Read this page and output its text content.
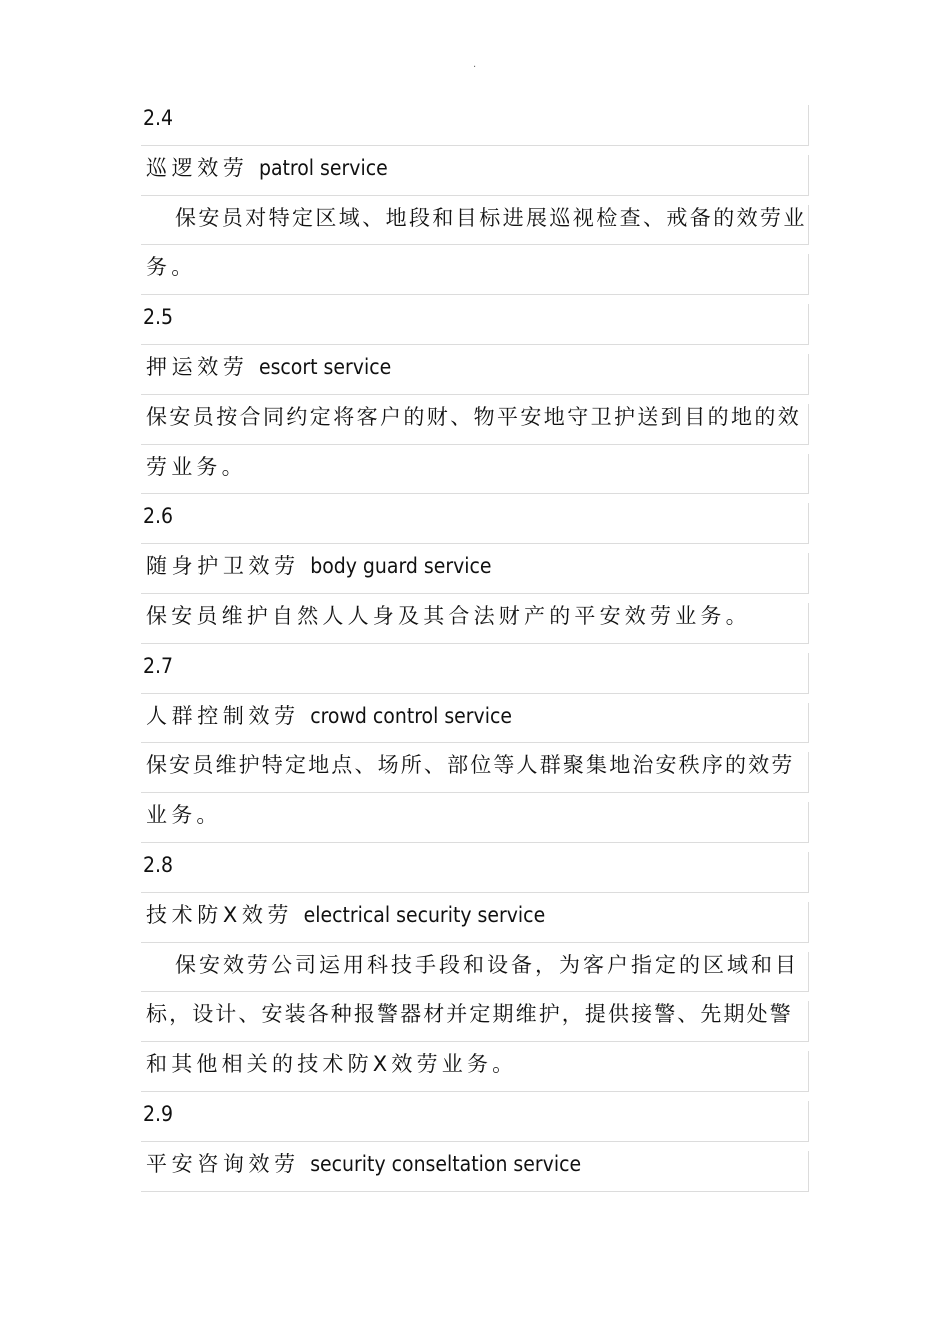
.
2.4
巡逻效劳 patrol service
保安员对特定区域、地段和目标进展巡视检查、戒备的效劳业
务。
2.5
押运效劳 escort service
保安员按合同约定将客户的财、物平安地守卫护送到目的地的效
劳业务。
2.6
随身护卫效劳 body guard service
保安员维护自然人人身及其合法财产的平安效劳业务。
2.7
人群控制效劳 crowd control service
保安员维护特定地点、场所、部位等人群聚集地治安秩序的效劳
业务。
2.8
技术防X效劳 electrical security service
保安效劳公司运用科技手段和设备，为客户指定的区域和目
标，设计、安装各种报警器材并定期维护，提供接警、先期处警
和其他相关的技术防X效劳业务。
2.9
平安咨询效劳 security conseltation service
